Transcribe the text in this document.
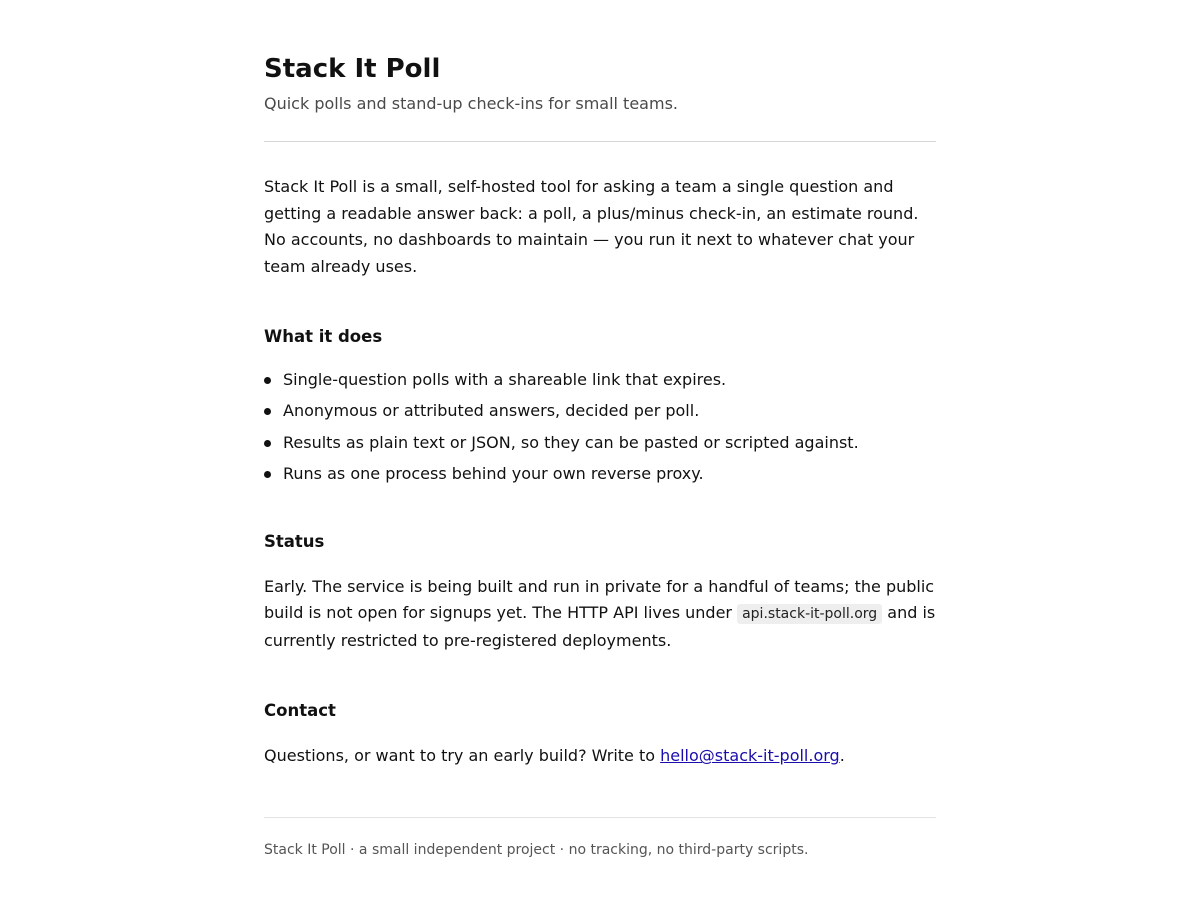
Stack It Poll

Quick polls and stand-up check-ins for small teams.

Stack It Poll is a small, self-hosted tool for asking a team a single question and getting a readable answer back: a poll, a plus/minus check-in, an estimate round. No accounts, no dashboards to maintain — you run it next to whatever chat your team already uses.

What it does
Single-question polls with a shareable link that expires.
Anonymous or attributed answers, decided per poll.
Results as plain text or JSON, so they can be pasted or scripted against.
Runs as one process behind your own reverse proxy.
Status

Early. The service is being built and run in private for a handful of teams; the public build is not open for signups yet. The HTTP API lives under api.stack-it-poll.org and is currently restricted to pre-registered deployments.

Contact

Questions, or want to try an early build? Write to hello@stack-it-poll.org.

Stack It Poll · a small independent project · no tracking, no third-party scripts.
